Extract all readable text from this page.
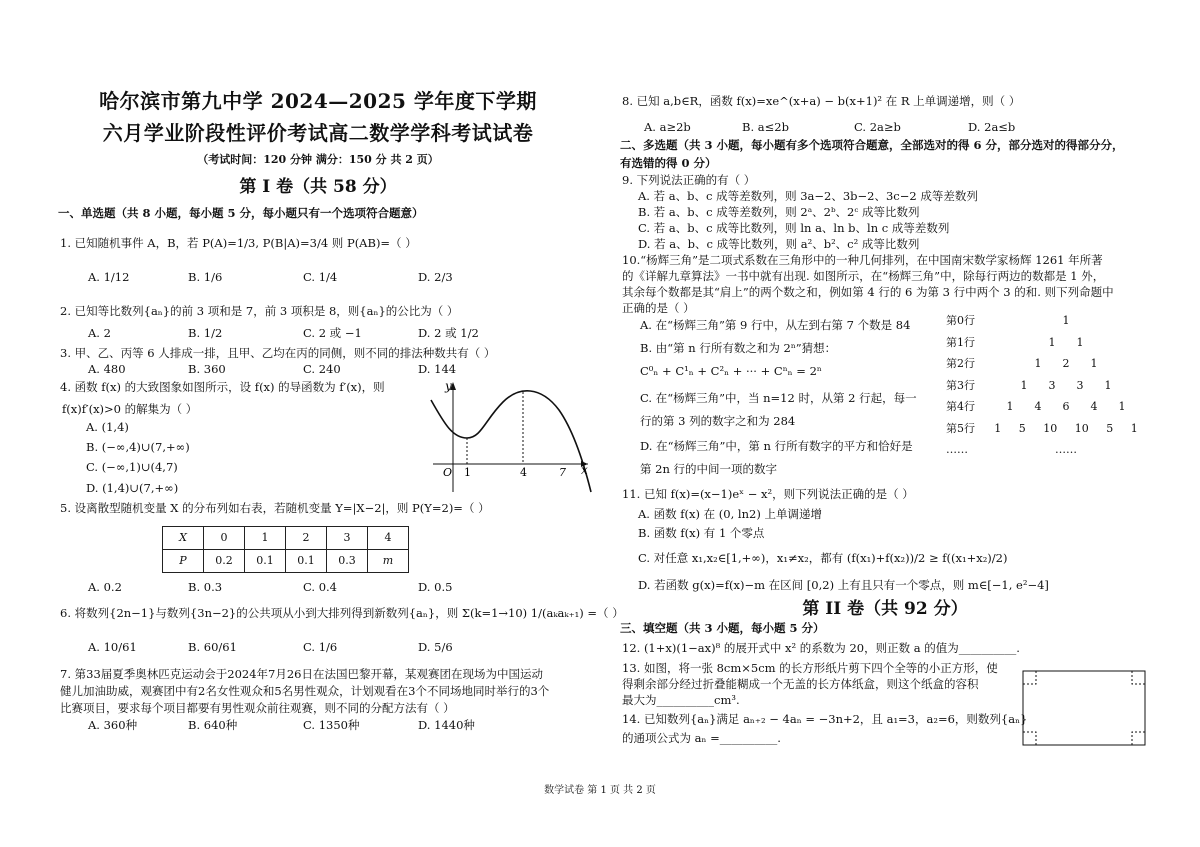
哈尔滨市第九中学 2024—2025 学年度下学期
六月学业阶段性评价考试高二数学学科考试试卷
（考试时间：120 分钟 满分：150 分 共 2 页）
第 I 卷（共 58 分）
一、单选题（共 8 小题，每小题 5 分，每小题只有一个选项符合题意）
1. 已知随机事件 A，B，若 P(A)=1/3, P(B|A)=3/4 则 P(AB)=（ ）
A. 1/12	B. 1/6	C. 1/4	D. 2/3
2. 已知等比数列{aₙ}的前 3 项和是 7，前 3 项积是 8，则{aₙ}的公比为（ ）
A. 2	B. 1/2	C. 2 或 −1	D. 2 或 1/2
3. 甲、乙、丙等 6 人排成一排，且甲、乙均在丙的同侧，则不同的排法种数共有（ ）
A. 480	B. 360	C. 240	D. 144
4. 函数 f(x) 的大致图象如图所示，设 f(x) 的导函数为 f′(x)，则
f(x)f′(x)>0 的解集为（ ）
A. (1,4)
B. (−∞,4)∪(7,+∞)
C. (−∞,1)∪(4,7)
D. (1,4)∪(7,+∞)
y
x
O 1	4	7
5. 设离散型随机变量 X 的分布列如右表，若随机变量 Y=|X−2|，则 P(Y=2)=（ ）
X	0	1	2	3	4
P	0.2	0.1	0.1	0.3	m
A. 0.2	B. 0.3	C. 0.4	D. 0.5
6. 将数列{2n−1}与数列{3n−2}的公共项从小到大排列得到新数列{aₙ}，则 Σ(k=1→10) 1/(aₖaₖ₊₁) =（ ）
A. 10/61	B. 60/61	C. 1/6	D. 5/6
7. 第33届夏季奥林匹克运动会于2024年7月26日在法国巴黎开幕，某观赛团在现场为中国运动
健儿加油助威，观赛团中有2名女性观众和5名男性观众，计划观看在3个不同场地同时举行的3个
比赛项目，要求每个项目都要有男性观众前往观赛，则不同的分配方法有（ ）
A. 360种	B. 640种	C. 1350种	D. 1440种
8. 已知 a,b∈R，函数 f(x)=xe^(x+a) − b(x+1)² 在 R 上单调递增，则（ ）
A. a≥2b	B. a≤2b	C. 2a≥b	D. 2a≤b
二、多选题（共 3 小题，每小题有多个选项符合题意，全部选对的得 6 分，部分选对的得部分分，
有选错的得 0 分）
9. 下列说法正确的有（ ）
A. 若 a、b、c 成等差数列，则 3a−2、3b−2、3c−2 成等差数列
B. 若 a、b、c 成等差数列，则 2ᵃ、2ᵇ、2ᶜ 成等比数列
C. 若 a、b、c 成等比数列，则 ln a、ln b、ln c 成等差数列
D. 若 a、b、c 成等比数列，则 a²、b²、c² 成等比数列
10.“杨辉三角”是二项式系数在三角形中的一种几何排列，在中国南宋数学家杨辉 1261 年所著
的《详解九章算法》一书中就有出现. 如图所示，在“杨辉三角”中，除每行两边的数都是 1 外，
其余每个数都是其“肩上”的两个数之和，例如第 4 行的 6 为第 3 行中两个 3 的和. 则下列命题中
正确的是（ ）
A. 在“杨辉三角”第 9 行中，从左到右第 7 个数是 84
B. 由“第 n 行所有数之和为 2ⁿ”猜想：
C⁰ₙ + C¹ₙ + C²ₙ + ··· + Cⁿₙ = 2ⁿ
C. 在“杨辉三角”中，当 n=12 时，从第 2 行起，每一
行的第 3 列的数字之和为 284
D. 在“杨辉三角”中，第 n 行所有数字的平方和恰好是
第 2n 行的中间一项的数字
第0行	1
第1行	1      1
第2行	1      2      1
第3行	1      3      3      1
第4行	1      4      6      4      1
第5行	1     5     10     10     5     1
……	……
11. 已知 f(x)=(x−1)eˣ − x²，则下列说法正确的是（ ）
A. 函数 f(x) 在 (0, ln2) 上单调递增
B. 函数 f(x) 有 1 个零点
C. 对任意 x₁,x₂∈[1,+∞)，x₁≠x₂，都有 (f(x₁)+f(x₂))/2 ≥ f((x₁+x₂)/2)
D. 若函数 g(x)=f(x)−m 在区间 [0,2) 上有且只有一个零点，则 m∈[−1, e²−4]
第 II 卷（共 92 分）
三、填空题（共 3 小题，每小题 5 分）
12. (1+x)(1−ax)⁸ 的展开式中 x² 的系数为 20，则正数 a 的值为__________.
13. 如图，将一张 8cm×5cm 的长方形纸片剪下四个全等的小正方形，使
得剩余部分经过折叠能糊成一个无盖的长方体纸盒，则这个纸盒的容积
最大为__________cm³.
14. 已知数列{aₙ}满足 aₙ₊₂ − 4aₙ = −3n+2，且 a₁=3，a₂=6，则数列{aₙ}
的通项公式为 aₙ =__________.
数学试卷 第 1 页 共 2 页
